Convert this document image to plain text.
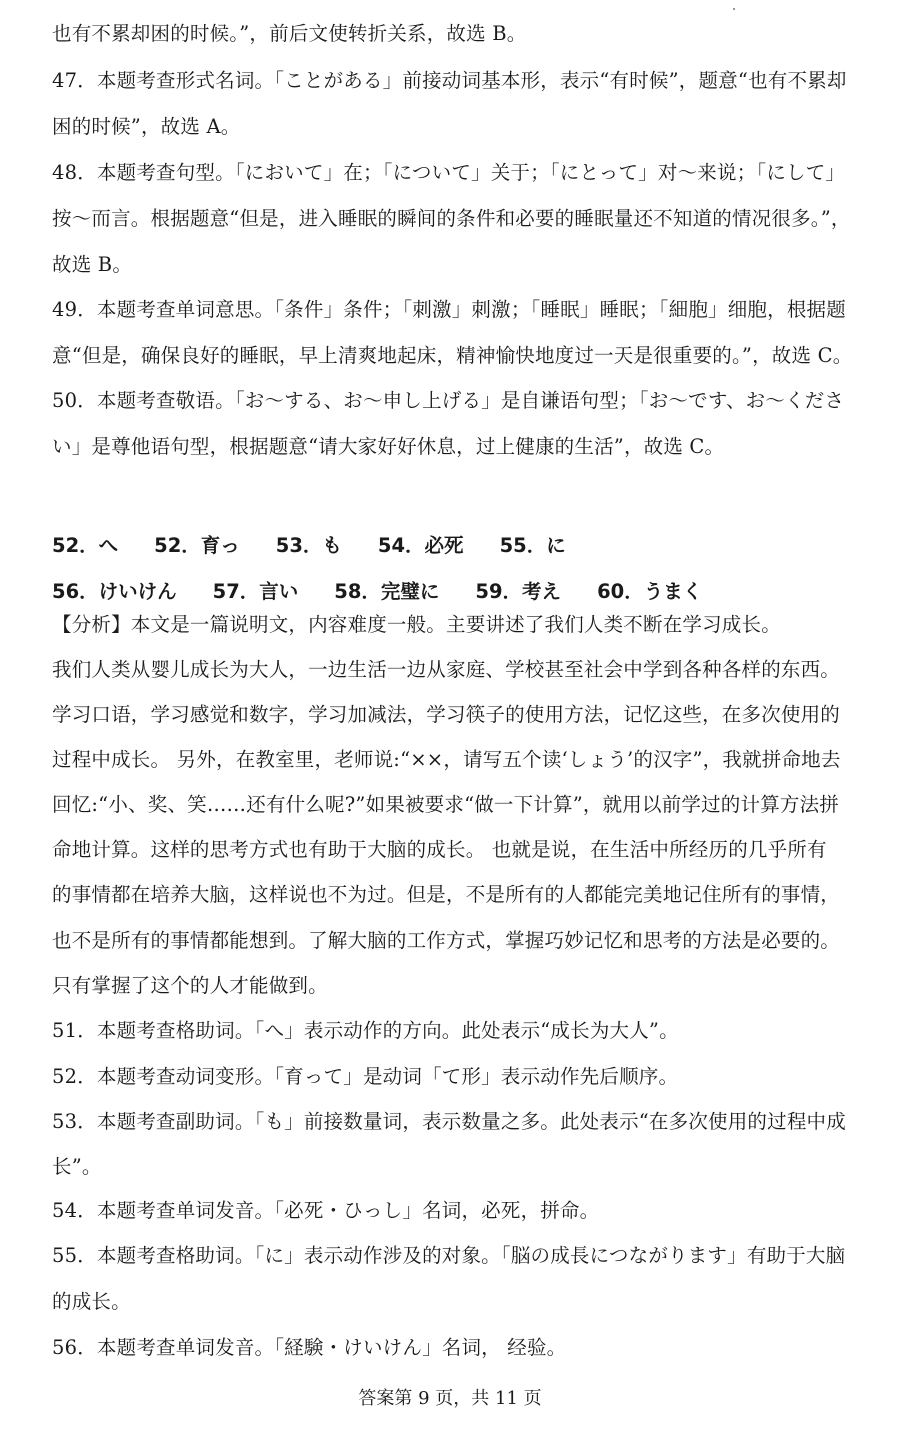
也有不累却困的时候。”，前后文使转折关系，故选 B。
47．本题考查形式名词。「ことがある」前接动词基本形，表示“有时候”，题意“也有不累却
困的时候”，故选 A。
48．本题考查句型。「において」在；「について」关于；「にとって」对～来说；「にして」
按～而言。根据题意“但是，进入睡眠的瞬间的条件和必要的睡眠量还不知道的情况很多。”，
故选 B。
49．本题考查单词意思。「条件」条件；「刺激」刺激；「睡眠」睡眠；「細胞」细胞，根据题
意“但是，确保良好的睡眠，早上清爽地起床，精神愉快地度过一天是很重要的。”，故选 C。
50．本题考查敬语。「お～する、お～申し上げる」是自谦语句型；「お～です、お～くださ
い」是尊他语句型，根据题意“请大家好好休息，过上健康的生活”，故选 C。
52．へ 52．育っ 53．も 54．必死 55．に
56．けいけん 57．言い 58．完璧に 59．考え 60．うまく
【分析】本文是一篇说明文，内容难度一般。主要讲述了我们人类不断在学习成长。
我们人类从婴儿成长为大人，一边生活一边从家庭、学校甚至社会中学到各种各样的东西。
学习口语，学习感觉和数字，学习加减法，学习筷子的使用方法，记忆这些，在多次使用的
过程中成长。 另外，在教室里，老师说:“××，请写五个读‘しょう’的汉字”，我就拼命地去
回忆:“小、奖、笑……还有什么呢?”如果被要求“做一下计算”，就用以前学过的计算方法拼
命地计算。这样的思考方式也有助于大脑的成长。 也就是说，在生活中所经历的几乎所有
的事情都在培养大脑，这样说也不为过。但是，不是所有的人都能完美地记住所有的事情，
也不是所有的事情都能想到。了解大脑的工作方式，掌握巧妙记忆和思考的方法是必要的。
只有掌握了这个的人才能做到。
51．本题考查格助词。「へ」表示动作的方向。此处表示“成长为大人”。
52．本题考查动词变形。「育って」是动词「て形」表示动作先后顺序。
53．本题考查副助词。「も」前接数量词，表示数量之多。此处表示“在多次使用的过程中成
长”。
54．本题考查单词发音。「必死・ひっし」名词，必死，拼命。
55．本题考查格助词。「に」表示动作涉及的对象。「脳の成長につながります」有助于大脑
的成长。
56．本题考查单词发音。「経験・けいけん」名词， 经验。
答案第 9 页，共 11 页
